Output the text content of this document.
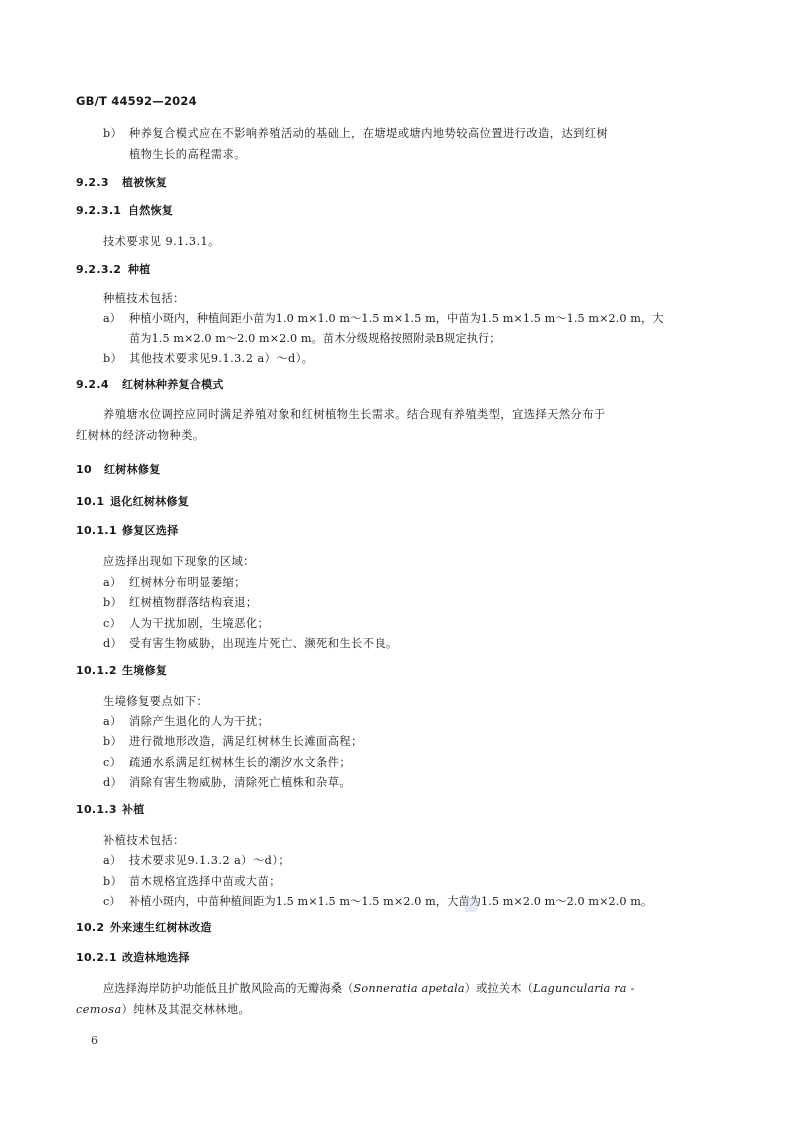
GB/T 44592—2024
b） 种养复合模式应在不影响养殖活动的基础上，在塘堤或塘内地势较高位置进行改造，达到红树
植物生长的高程需求。
9.2.3 植被恢复
9.2.3.1 自然恢复
技术要求见 9.1.3.1。
9.2.3.2 种植
种植技术包括：
a） 种植小斑内，种植间距小苗为1.0 m×1.0 m～1.5 m×1.5 m，中苗为1.5 m×1.5 m～1.5 m×2.0 m，大
苗为1.5 m×2.0 m～2.0 m×2.0 m。苗木分级规格按照附录B规定执行；
b） 其他技术要求见9.1.3.2 a）～d）。
9.2.4 红树林种养复合模式
养殖塘水位调控应同时满足养殖对象和红树植物生长需求。结合现有养殖类型，宜选择天然分布于
红树林的经济动物种类。
10 红树林修复
10.1 退化红树林修复
10.1.1 修复区选择
应选择出现如下现象的区域：
a） 红树林分布明显萎缩；
b） 红树植物群落结构衰退；
c） 人为干扰加剧，生境恶化；
d） 受有害生物威胁，出现连片死亡、濒死和生长不良。
10.1.2 生境修复
生境修复要点如下：
a） 消除产生退化的人为干扰；
b） 进行微地形改造，满足红树林生长滩面高程；
c） 疏通水系满足红树林生长的潮汐水文条件；
d） 消除有害生物威胁，清除死亡植株和杂草。
10.1.3 补植
补植技术包括：
a） 技术要求见9.1.3.2 a）～d）；
b） 苗木规格宜选择中苗或大苗；
c） 补植小斑内，中苗种植间距为1.5 m×1.5 m～1.5 m×2.0 m，大苗为1.5 m×2.0 m～2.0 m×2.0 m。
10.2 外来速生红树林改造
10.2.1 改造林地选择
应选择海岸防护功能低且扩散风险高的无瓣海桑（Sonneratia apetala）或拉关木（Laguncularia ra -
cemosa）纯林及其混交林林地。
6
